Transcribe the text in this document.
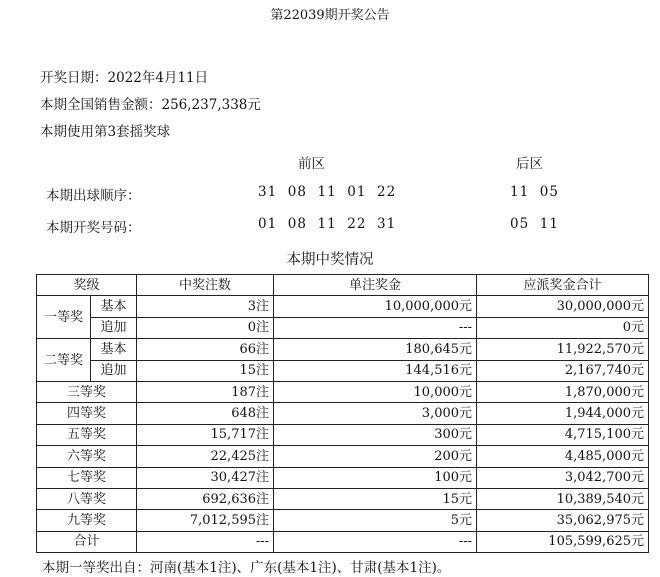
第22039期开奖公告
开奖日期：2022年4月11日
本期全国销售金额：256,237,338元
本期使用第3套摇奖球
前区	后区
本期出球顺序：	31  08  11  01  22	11  05
本期开奖号码：	01  08  11  22  31	05  11
本期中奖情况
奖级		中奖注数	单注奖金	应派奖金合计
一等奖	基本	3注	10,000,000元	30,000,000元
	追加	0注	---	0元
二等奖	基本	66注	180,645元	11,922,570元
	追加	15注	144,516元	2,167,740元
三等奖		187注	10,000元	1,870,000元
四等奖		648注	3,000元	1,944,000元
五等奖		15,717注	300元	4,715,100元
六等奖		22,425注	200元	4,485,000元
七等奖		30,427注	100元	3,042,700元
八等奖		692,636注	15元	10,389,540元
九等奖		7,012,595注	5元	35,062,975元
合计		---	---	105,599,625元
本期一等奖出自：河南(基本1注)、广东(基本1注)、甘肃(基本1注)。
